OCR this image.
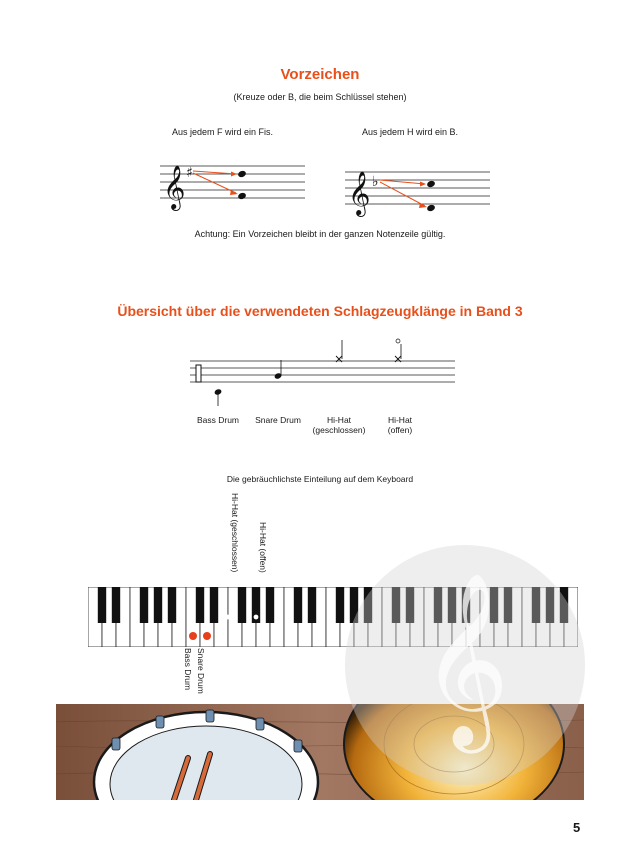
Vorzeichen
(Kreuze oder B, die beim Schlüssel stehen)
Aus jedem F wird ein Fis.	Aus jedem H wird ein B.
𝄞 ♯	𝄞 ♭
Achtung: Ein Vorzeichen bleibt in der ganzen Notenzeile gültig.
Übersicht über die verwendeten Schlagzeugklänge in Band 3
Bass Drum	Snare Drum	Hi-Hat
(geschlossen)
Hi-Hat
(offen)
Die gebräuchlichste Einteilung auf dem Keyboard
Hi-Hat (geschlossen) Hi-Hat (offen)
Snare Drum
Bass Drum 𝄞
5
